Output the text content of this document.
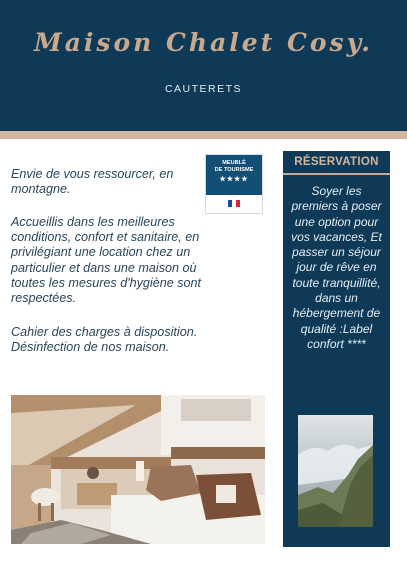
Maison Chalet Cosy.
CAUTERETS
Envie de vous ressourcer, en montagne.
Accueillis dans les meilleures conditions, confort et sanitaire, en privilégiant une location chez un particulier et dans une maison où toutes les mesures d'hygiène sont respectées.
Cahier des charges à disposition.
Désinfection de nos maison.
MEUBLÉ
DE TOURISME
★★★★
RÉSERVATION
Soyer les premiers à poser une option pour vos vacances, Et passer un séjour jour de rêve en toute tranquillité, dans un hébergement de qualité :Label confort ****
